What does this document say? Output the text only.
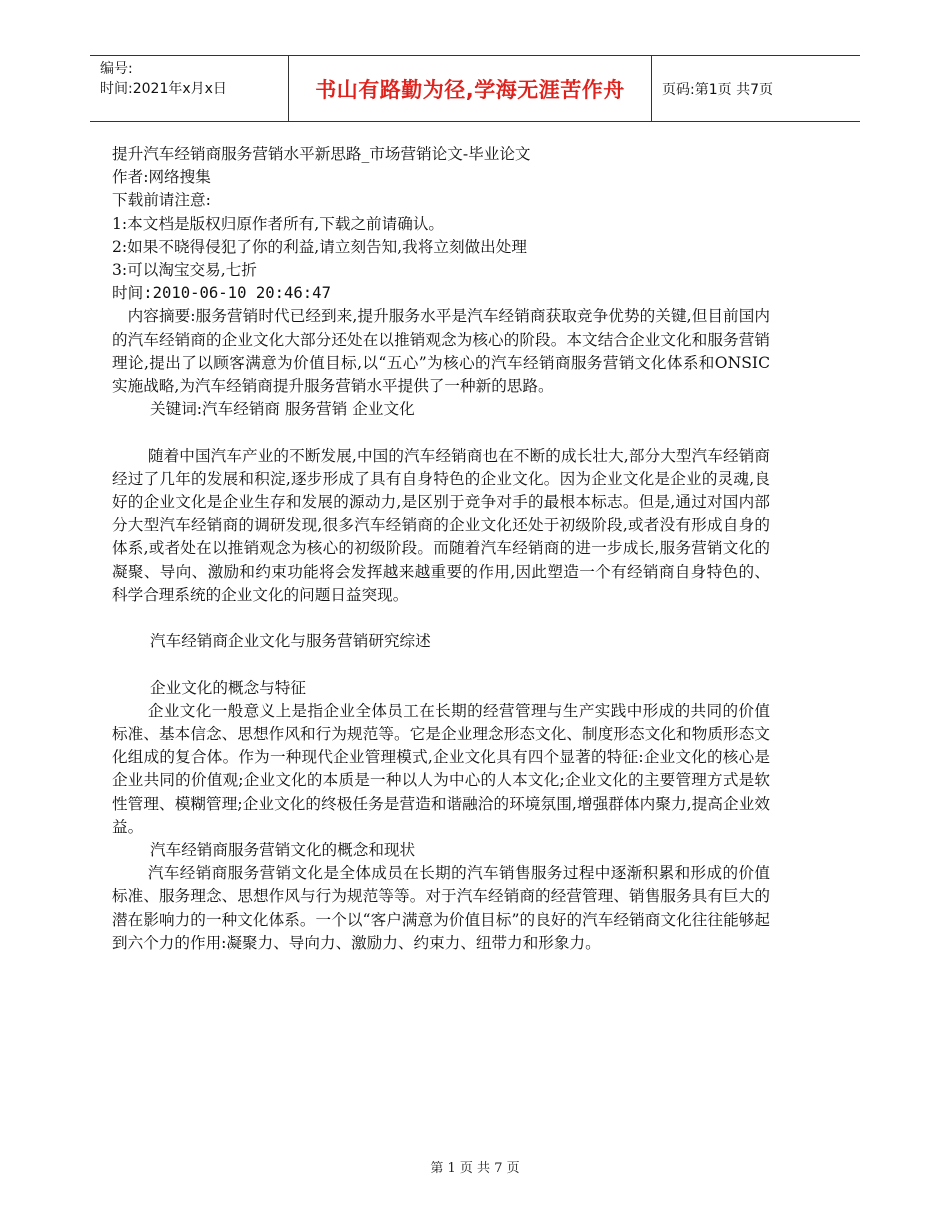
编号:
时间:2021年x月x日	书山有路勤为径,学海无涯苦作舟	页码:第1页 共7页

提升汽车经销商服务营销水平新思路_市场营销论文-毕业论文

作者:网络搜集

下载前请注意:

1:本文档是版权归原作者所有,下载之前请确认。

2:如果不晓得侵犯了你的利益,请立刻告知,我将立刻做出处理

3:可以淘宝交易,七折

时间:2010-06-10 20:46:47

内容摘要:服务营销时代已经到来,提升服务水平是汽车经销商获取竞争优势的关键,但目前国内的汽车经销商的企业文化大部分还处在以推销观念为核心的阶段。本文结合企业文化和服务营销理论,提出了以顾客满意为价值目标,以“五心”为核心的汽车经销商服务营销文化体系和ONSIC实施战略,为汽车经销商提升服务营销水平提供了一种新的思路。

关键词:汽车经销商 服务营销 企业文化

随着中国汽车产业的不断发展,中国的汽车经销商也在不断的成长壮大,部分大型汽车经销商经过了几年的发展和积淀,逐步形成了具有自身特色的企业文化。因为企业文化是企业的灵魂,良好的企业文化是企业生存和发展的源动力,是区别于竞争对手的最根本标志。但是,通过对国内部分大型汽车经销商的调研发现,很多汽车经销商的企业文化还处于初级阶段,或者没有形成自身的体系,或者处在以推销观念为核心的初级阶段。而随着汽车经销商的进一步成长,服务营销文化的凝聚、导向、激励和约束功能将会发挥越来越重要的作用,因此塑造一个有经销商自身特色的、科学合理系统的企业文化的问题日益突现。

汽车经销商企业文化与服务营销研究综述

企业文化的概念与特征

企业文化一般意义上是指企业全体员工在长期的经营管理与生产实践中形成的共同的价值标准、基本信念、思想作风和行为规范等。它是企业理念形态文化、制度形态文化和物质形态文化组成的复合体。作为一种现代企业管理模式,企业文化具有四个显著的特征:企业文化的核心是企业共同的价值观;企业文化的本质是一种以人为中心的人本文化;企业文化的主要管理方式是软性管理、模糊管理;企业文化的终极任务是营造和谐融洽的环境氛围,增强群体内聚力,提高企业效益。

汽车经销商服务营销文化的概念和现状

汽车经销商服务营销文化是全体成员在长期的汽车销售服务过程中逐渐积累和形成的价值标准、服务理念、思想作风与行为规范等等。对于汽车经销商的经营管理、销售服务具有巨大的潜在影响力的一种文化体系。一个以“客户满意为价值目标”的良好的汽车经销商文化往往能够起到六个力的作用:凝聚力、导向力、激励力、约束力、纽带力和形象力。

第 1 页 共 7 页
